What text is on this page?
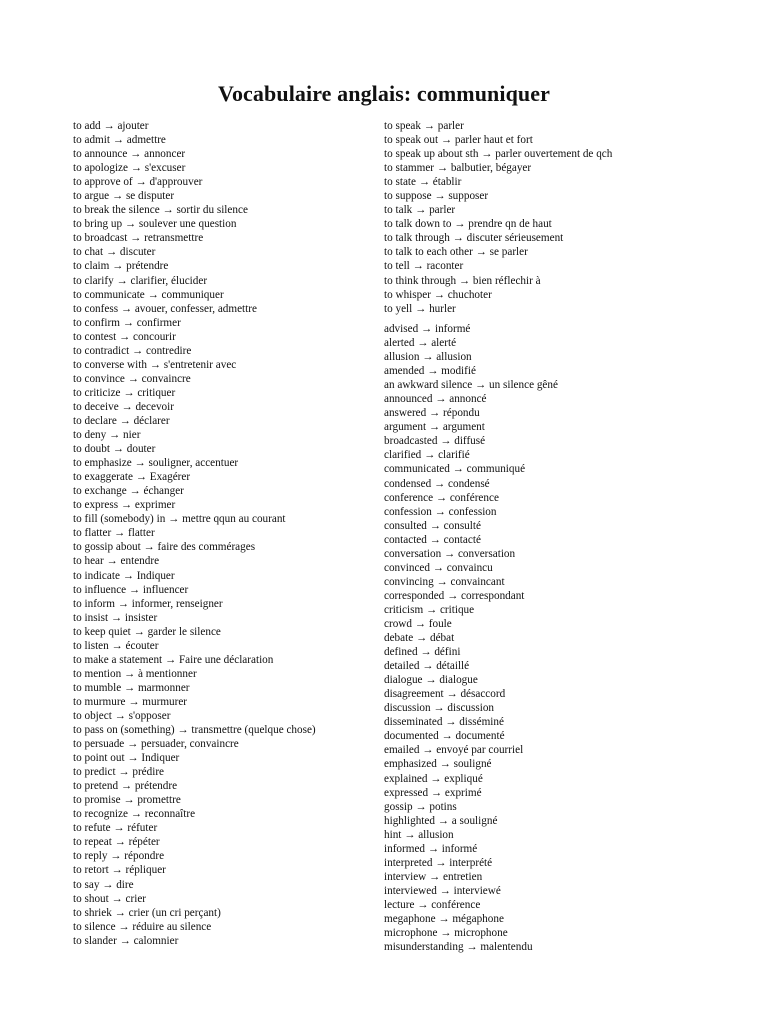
Vocabulaire anglais: communiquer
to add → ajouter
to admit → admettre
to announce → annoncer
to apologize → s'excuser
to approve of → d'approuver
to argue → se disputer
to break the silence → sortir du silence
to bring up → soulever une question
to broadcast → retransmettre
to chat → discuter
to claim → prétendre
to clarify → clarifier, élucider
to communicate → communiquer
to confess → avouer, confesser, admettre
to confirm → confirmer
to contest → concourir
to contradict → contredire
to converse with → s'entretenir avec
to convince → convaincre
to criticize → critiquer
to deceive → decevoir
to declare → déclarer
to deny → nier
to doubt → douter
to emphasize → souligner, accentuer
to exaggerate → Exagérer
to exchange → échanger
to express → exprimer
to fill (somebody) in → mettre qqun au courant
to flatter → flatter
to gossip about → faire des commérages
to hear → entendre
to indicate → Indiquer
to influence → influencer
to inform → informer, renseigner
to insist → insister
to keep quiet → garder le silence
to listen → écouter
to make a statement → Faire une déclaration
to mention → à mentionner
to mumble → marmonner
to murmure → murmurer
to object → s'opposer
to pass on (something) → transmettre (quelque chose)
to persuade → persuader, convaincre
to point out → Indiquer
to predict → prédire
to pretend → prétendre
to promise → promettre
to recognize → reconnaître
to refute → réfuter
to repeat → répéter
to reply → répondre
to retort → répliquer
to say → dire
to shout → crier
to shriek → crier (un cri perçant)
to silence → réduire au silence
to slander → calomnier
to speak → parler
to speak out → parler haut et fort
to speak up about sth → parler ouvertement de qch
to stammer → balbutier, bégayer
to state → établir
to suppose → supposer
to talk → parler
to talk down to → prendre qn de haut
to talk through → discuter sérieusement
to talk to each other → se parler
to tell → raconter
to think through → bien réflechir à
to whisper → chuchoter
to yell → hurler
advised → informé
alerted → alerté
allusion → allusion
amended → modifié
an awkward silence → un silence gêné
announced → annoncé
answered → répondu
argument → argument
broadcasted → diffusé
clarified → clarifié
communicated → communiqué
condensed → condensé
conference → conférence
confession → confession
consulted → consulté
contacted → contacté
conversation → conversation
convinced → convaincu
convincing → convaincant
corresponded → correspondant
criticism → critique
crowd → foule
debate → débat
defined → défini
detailed → détaillé
dialogue → dialogue
disagreement → désaccord
discussion → discussion
disseminated → disséminé
documented → documenté
emailed → envoyé par courriel
emphasized → souligné
explained → expliqué
expressed → exprimé
gossip → potins
highlighted → a souligné
hint → allusion
informed → informé
interpreted → interprété
interview → entretien
interviewed → interviewé
lecture → conférence
megaphone → mégaphone
microphone → microphone
misunderstanding → malentendu
